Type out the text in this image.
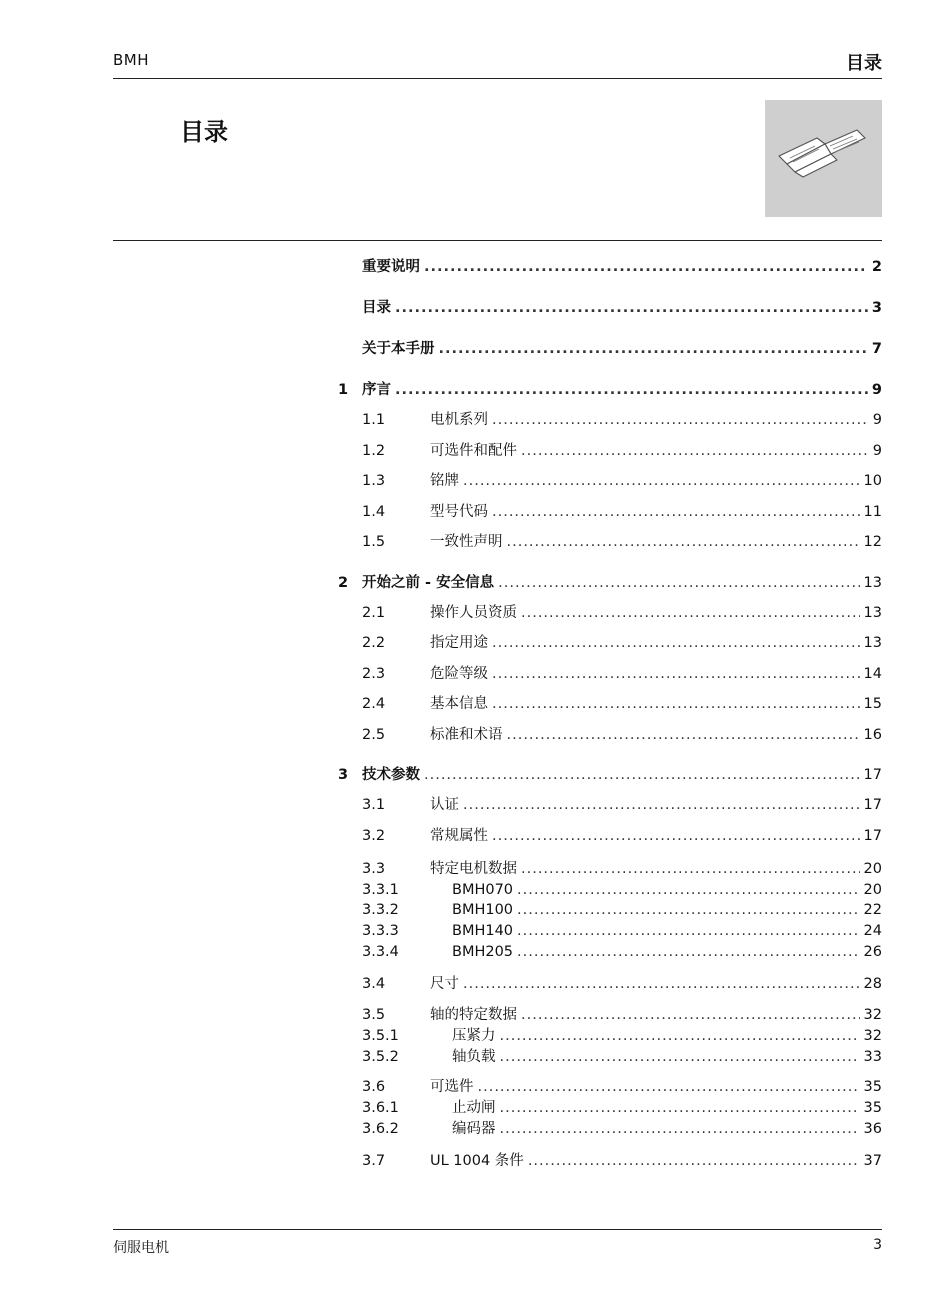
BMH	目录
目录
重要说明 .....	2
目录 .....	3
关于本手册 .....	7
1 序言 .....	9
1.1	电机系列 .....	9
1.2	可选件和配件 .....	9
1.3	铭牌 .....	10
1.4	型号代码 .....	11
1.5	一致性声明 .....	12
2 开始之前 - 安全信息 .....	13
2.1	操作人员资质 .....	13
2.2	指定用途 .....	13
2.3	危险等级 .....	14
2.4	基本信息 .....	15
2.5	标准和术语 .....	16
3 技术参数 .....	17
3.1	认证 .....	17
3.2	常规属性 .....	17
3.3	特定电机数据 .....	20
3.3.1	BMH070 .....	20
3.3.2	BMH100 .....	22
3.3.3	BMH140 .....	24
3.3.4	BMH205 .....	26
3.4	尺寸 .....	28
3.5	轴的特定数据 .....	32
3.5.1	压紧力 .....	32
3.5.2	轴负载 .....	33
3.6	可选件 .....	35
3.6.1	止动闸 .....	35
3.6.2	编码器 .....	36
3.7	UL 1004 条件 .....	37
伺服电机	3
